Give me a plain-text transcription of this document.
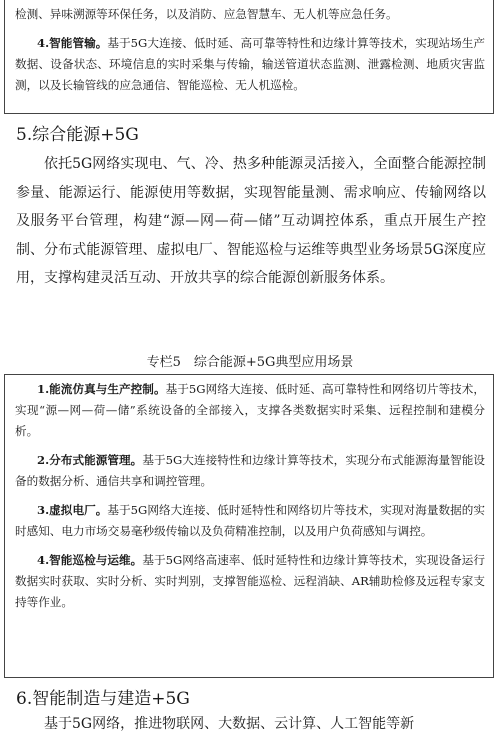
检测、异味溯源等环保任务，以及消防、应急智慧车、无人机等应急任务。

4.智能管输。基于5G大连接、低时延、高可靠等特性和边缘计算等技术，实现站场生产数据、设备状态、环境信息的实时采集与传输，输送管道状态监测、泄露检测、地质灾害监测，以及长输管线的应急通信、智能巡检、无人机巡检。

5.综合能源+5G

依托5G网络实现电、气、冷、热多种能源灵活接入，全面整合能源控制参量、能源运行、能源使用等数据，实现智能量测、需求响应、传输网络以及服务平台管理，构建“源—网—荷—储”互动调控体系，重点开展生产控制、分布式能源管理、虚拟电厂、智能巡检与运维等典型业务场景5G深度应用，支撑构建灵活互动、开放共享的综合能源创新服务体系。

专栏5　综合能源+5G典型应用场景

1.能流仿真与生产控制。基于5G网络大连接、低时延、高可靠特性和网络切片等技术，实现“源—网—荷—储”系统设备的全部接入，支撑各类数据实时采集、远程控制和建模分析。

2.分布式能源管理。基于5G大连接特性和边缘计算等技术，实现分布式能源海量智能设备的数据分析、通信共享和调控管理。

3.虚拟电厂。基于5G网络大连接、低时延特性和网络切片等技术，实现对海量数据的实时感知、电力市场交易毫秒级传输以及负荷精准控制，以及用户负荷感知与调控。

4.智能巡检与运维。基于5G网络高速率、低时延特性和边缘计算等技术，实现设备运行数据实时获取、实时分析、实时判别，支撑智能巡检、远程消缺、AR辅助检修及远程专家支持等作业。

6.智能制造与建造+5G

基于5G网络，推进物联网、大数据、云计算、人工智能等新
